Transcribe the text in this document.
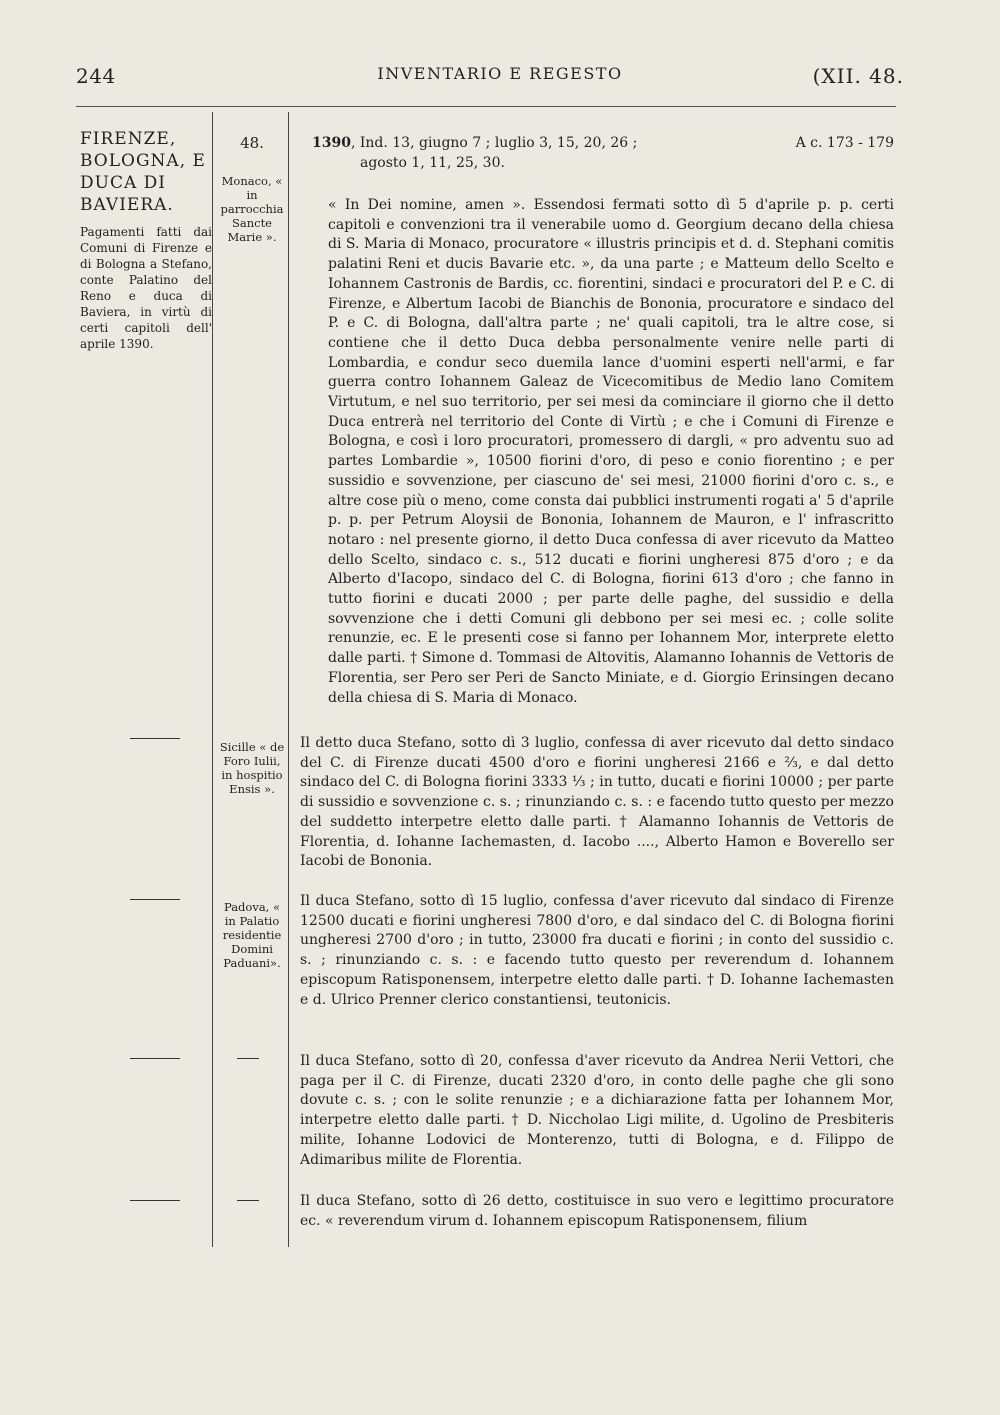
244	INVENTARIO E REGESTO	(XII. 48.
FIRENZE, BOLOGNA, E DUCA DI BAVIERA.
Pagamenti fatti dai Comuni di Firenze e di Bologna a Stefano, conte Palatino del Reno e duca di Baviera, in virtù di certi capitoli dell' aprile 1390.
48.
Monaco, « in parrocchia Sancte Marie ».
Sicille « de Foro Iulii, in hospitio Ensis ».
Padova, « in Palatio residentie Domini Paduani».
1390, Ind. 13, giugno 7 ; luglio 3, 15, 20, 26 ;	A c. 173 - 179
agosto 1, 11, 25, 30.

« In Dei nomine, amen ». Essendosi fermati sotto dì 5 d'aprile p. p. certi capitoli e convenzioni tra il venerabile uomo d. Georgium decano della chiesa di S. Maria di Monaco, procuratore « illustris principis et d. d. Stephani comitis palatini Reni et ducis Bavarie etc. », da una parte ; e Matteum dello Scelto e Iohannem Castronis de Bardis, cc. fiorentini, sindaci e procuratori del P. e C. di Firenze, e Albertum Iacobi de Bianchis de Bononia, procuratore e sindaco del P. e C. di Bologna, dall'altra parte ; ne' quali capitoli, tra le altre cose, si contiene che il detto Duca debba personalmente venire nelle parti di Lombardia, e condur seco duemila lance d'uomini esperti nell'armi, e far guerra contro Iohannem Galeaz de Vicecomitibus de Medio lano Comitem Virtutum, e nel suo territorio, per sei mesi da cominciare il giorno che il detto Duca entrerà nel territorio del Conte di Virtù ; e che i Comuni di Firenze e Bologna, e così i loro procuratori, promessero di dargli, « pro adventu suo ad partes Lombardie », 10500 fiorini d'oro, di peso e conio fiorentino ; e per sussidio e sovvenzione, per ciascuno de' sei mesi, 21000 fiorini d'oro c. s., e altre cose più o meno, come consta dai pubblici instrumenti rogati a' 5 d'aprile p. p. per Petrum Aloysii de Bononia, Iohannem de Mauron, e l' infrascritto notaro : nel presente giorno, il detto Duca confessa di aver ricevuto da Matteo dello Scelto, sindaco c. s., 512 ducati e fiorini ungheresi 875 d'oro ; e da Alberto d'Iacopo, sindaco del C. di Bologna, fiorini 613 d'oro ; che fanno in tutto fiorini e ducati 2000 ; per parte delle paghe, del sussidio e della sovvenzione che i detti Comuni gli debbono per sei mesi ec. ; colle solite renunzie, ec. E le presenti cose si fanno per Iohannem Mor, interprete eletto dalle parti. † Simone d. Tommasi de Altovitis, Alamanno Iohannis de Vettoris de Florentia, ser Pero ser Peri de Sancto Miniate, e d. Giorgio Erinsingen decano della chiesa di S. Maria di Monaco.

Il detto duca Stefano, sotto dì 3 luglio, confessa di aver ricevuto dal detto sindaco del C. di Firenze ducati 4500 d'oro e fiorini ungheresi 2166 e ⅔, e dal detto sindaco del C. di Bologna fiorini 3333 ⅓ ; in tutto, ducati e fiorini 10000 ; per parte di sussidio e sovvenzione c. s. ; rinunziando c. s. : e facendo tutto questo per mezzo del suddetto interpetre eletto dalle parti. † Alamanno Iohannis de Vettoris de Florentia, d. Iohanne Iachemasten, d. Iacobo ...., Alberto Hamon e Boverello ser Iacobi de Bononia.

Il duca Stefano, sotto dì 15 luglio, confessa d'aver ricevuto dal sindaco di Firenze 12500 ducati e fiorini ungheresi 7800 d'oro, e dal sindaco del C. di Bologna fiorini ungheresi 2700 d'oro ; in tutto, 23000 fra ducati e fiorini ; in conto del sussidio c. s. ; rinunziando c. s. : e facendo tutto questo per reverendum d. Iohannem episcopum Ratisponensem, interpetre eletto dalle parti. † D. Iohanne Iachemasten e d. Ulrico Prenner clerico constantiensi, teutonicis.

Il duca Stefano, sotto dì 20, confessa d'aver ricevuto da Andrea Nerii Vettori, che paga per il C. di Firenze, ducati 2320 d'oro, in conto delle paghe che gli sono dovute c. s. ; con le solite renunzie ; e a dichiarazione fatta per Iohannem Mor, interpetre eletto dalle parti. † D. Niccholao Ligi milite, d. Ugolino de Presbiteris milite, Iohanne Lodovici de Monterenzo, tutti di Bologna, e d. Filippo de Adimaribus milite de Florentia.

Il duca Stefano, sotto dì 26 detto, costituisce in suo vero e legittimo procuratore ec. « reverendum virum d. Iohannem episcopum Ratisponensem, filium
